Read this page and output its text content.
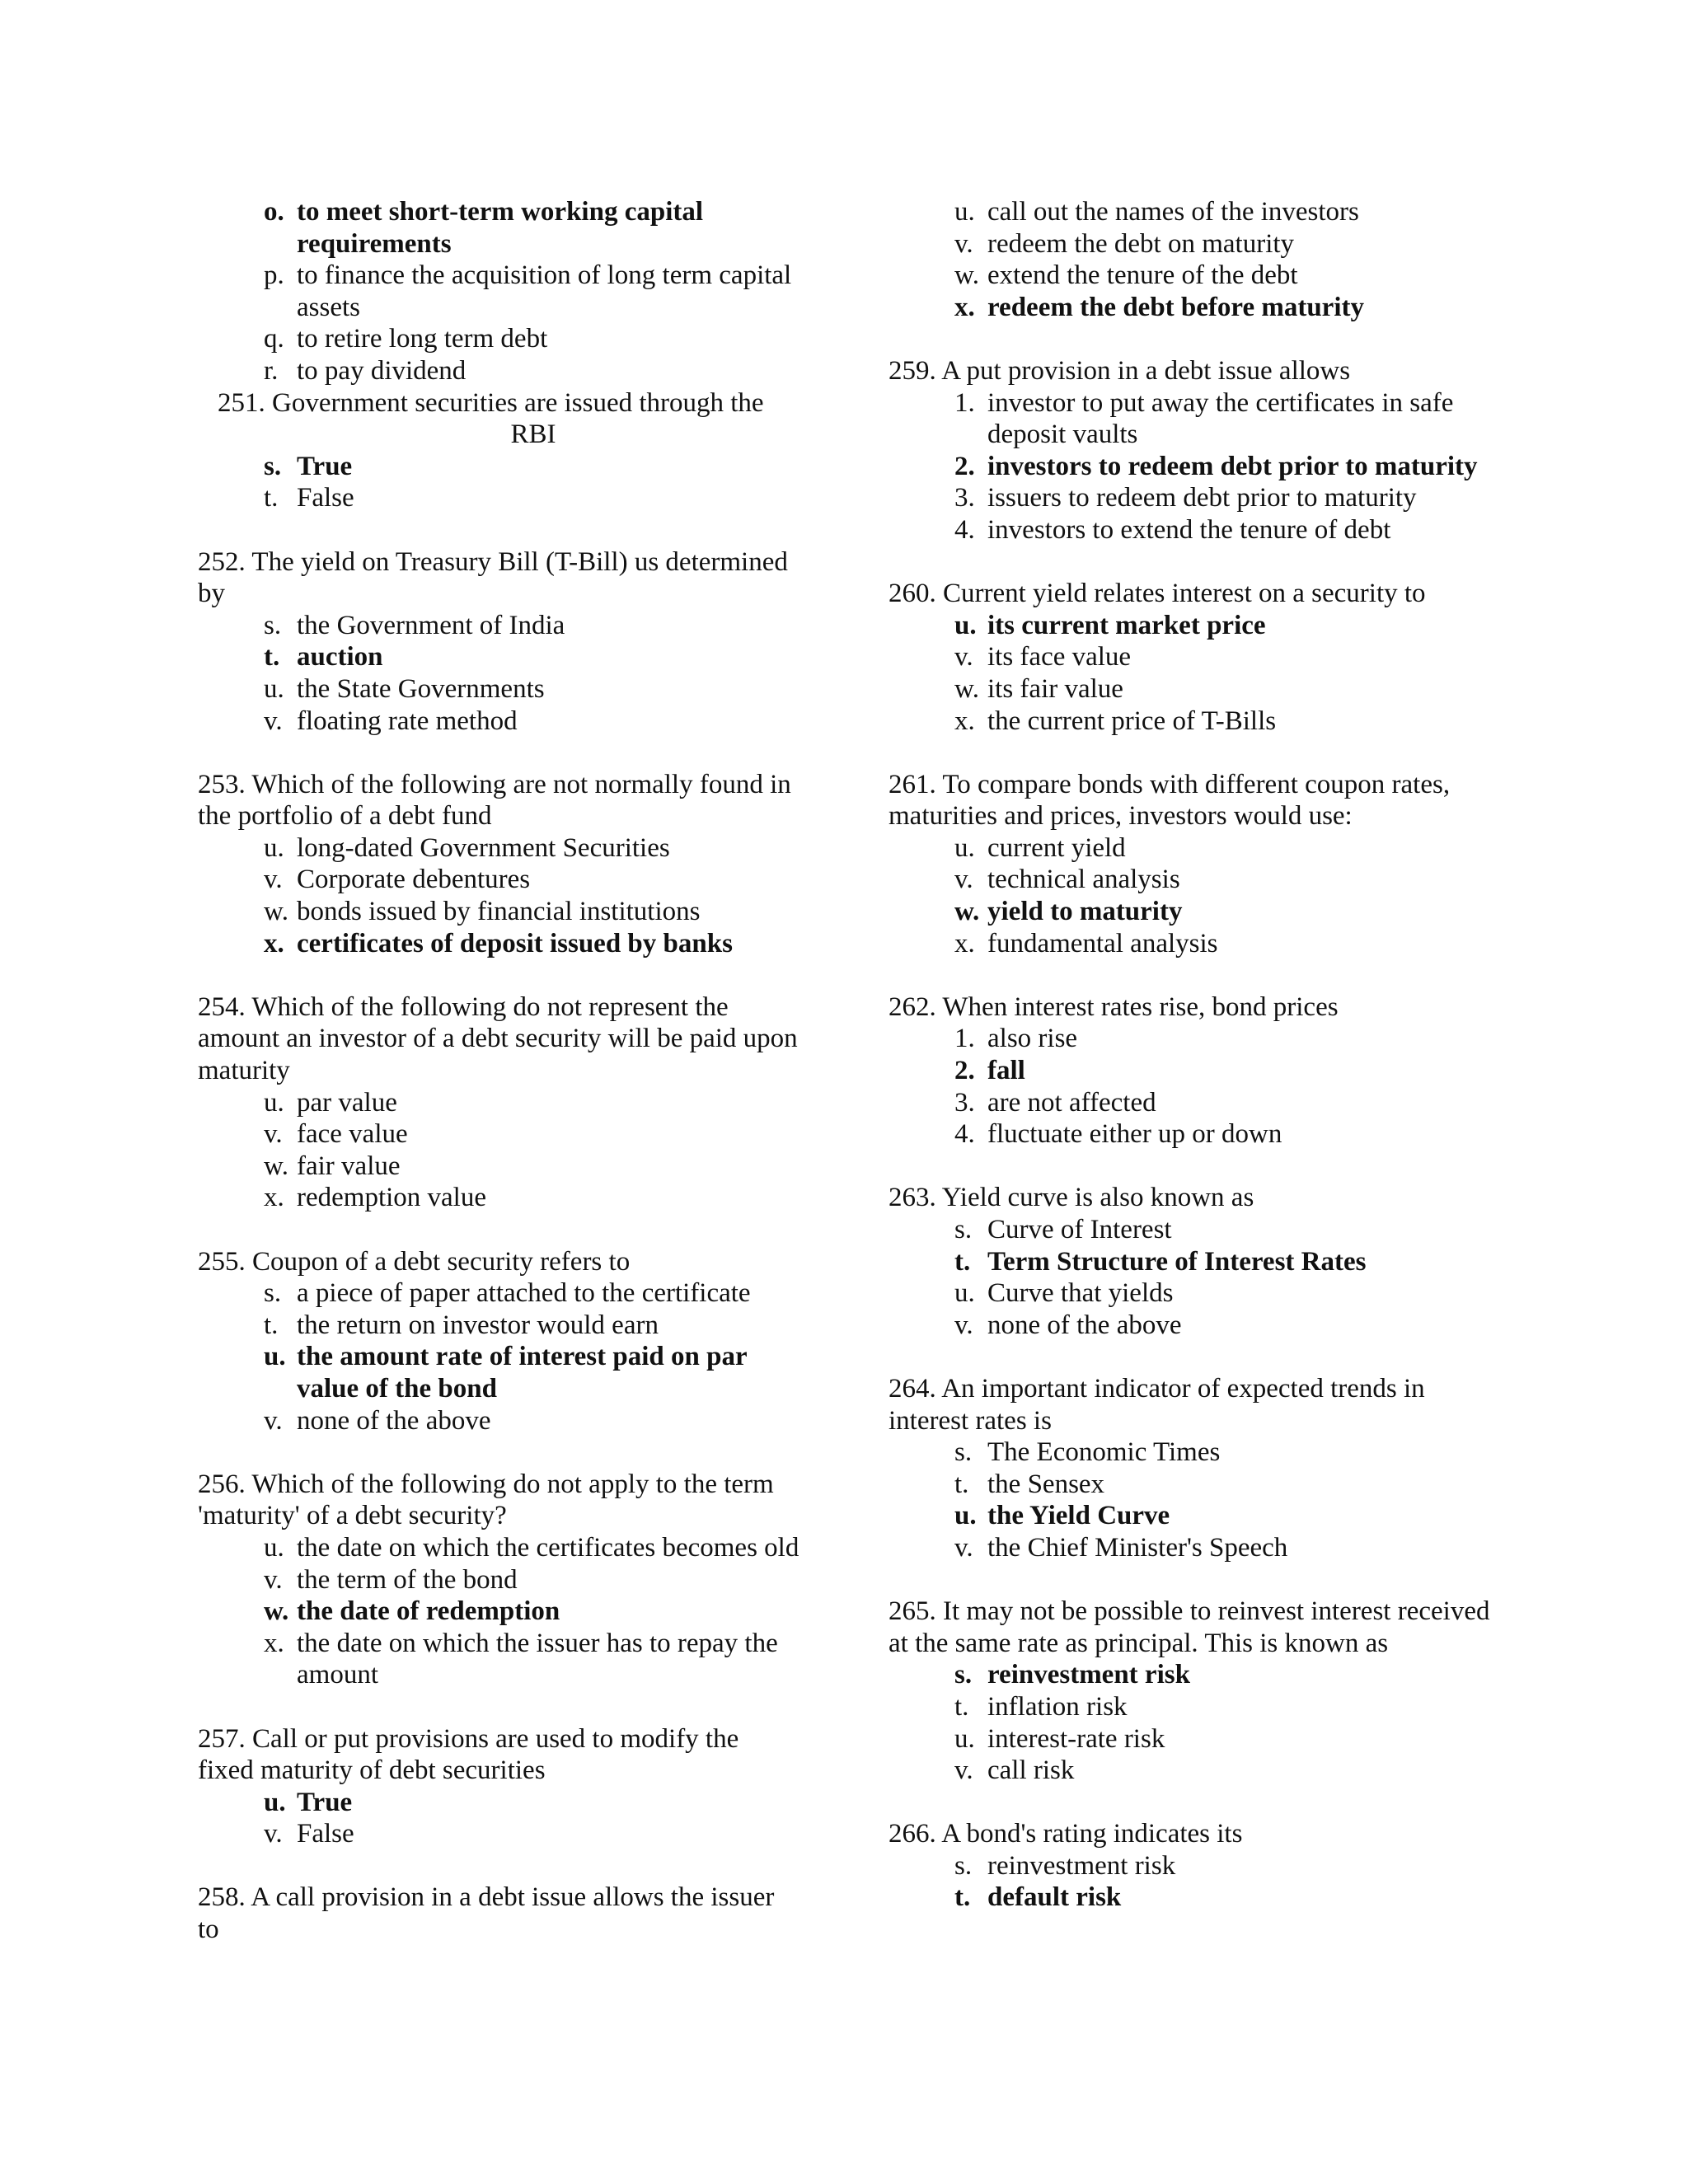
o. to meet short-term working capital requirements
p. to finance the acquisition of long term capital assets
q. to retire long term debt
r. to pay dividend

251. Government securities are issued through the
RBI

s. True
t. False

252. The yield on Treasury Bill (T-Bill) us determined by

s. the Government of India
t. auction
u. the State Governments
v. floating rate method

253. Which of the following are not normally found in the portfolio of a debt fund

u. long-dated Government Securities
v. Corporate debentures
w. bonds issued by financial institutions
x. certificates of deposit issued by banks

254. Which of the following do not represent the amount an investor of a debt security will be paid upon maturity

u. par value
v. face value
w. fair value
x. redemption value

255. Coupon of a debt security refers to

s. a piece of paper attached to the certificate
t. the return on investor would earn
u. the amount rate of interest paid on par value of the bond
v. none of the above

256. Which of the following do not apply to the term 'maturity' of a debt security?

u. the date on which the certificates becomes old
v. the term of the bond
w. the date of redemption
x. the date on which the issuer has to repay the amount

257. Call or put provisions are used to modify the fixed maturity of debt securities

u. True
v. False

258. A call provision in a debt issue allows the issuer to

u. call out the names of the investors
v. redeem the debt on maturity
w. extend the tenure of the debt
x. redeem the debt before maturity

259. A put provision in a debt issue allows

1. investor to put away the certificates in safe deposit vaults
2. investors to redeem debt prior to maturity
3. issuers to redeem debt prior to maturity
4. investors to extend the tenure of debt

260. Current yield relates interest on a security to

u. its current market price
v. its face value
w. its fair value
x. the current price of T-Bills

261. To compare bonds with different coupon rates, maturities and prices, investors would use:

u. current yield
v. technical analysis
w. yield to maturity
x. fundamental analysis

262. When interest rates rise, bond prices

1. also rise
2. fall
3. are not affected
4. fluctuate either up or down

263. Yield curve is also known as

s. Curve of Interest
t. Term Structure of Interest Rates
u. Curve that yields
v. none of the above

264. An important indicator of expected trends in interest rates is

s. The Economic Times
t. the Sensex
u. the Yield Curve
v. the Chief Minister's Speech

265. It may not be possible to reinvest interest received at the same rate as principal. This is known as

s. reinvestment risk
t. inflation risk
u. interest-rate risk
v. call risk

266. A bond's rating indicates its

s. reinvestment risk
t. default risk
